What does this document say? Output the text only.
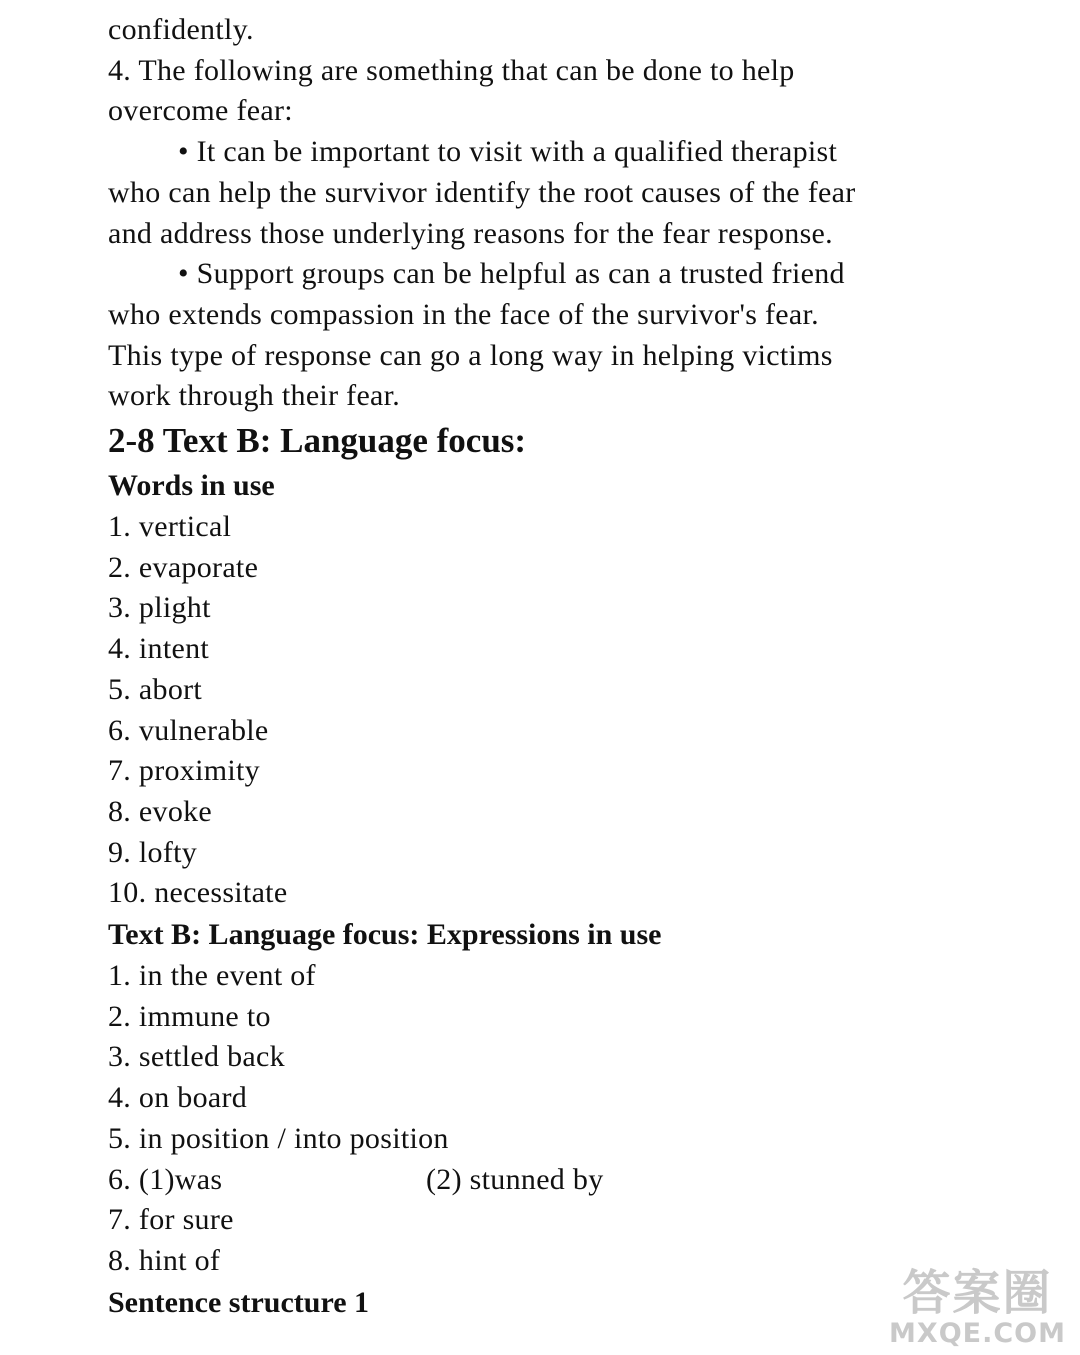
confidently.
4. The following are something that can be done to help
overcome fear:
• It can be important to visit with a qualified therapist
who can help the survivor identify the root causes of the fear
and address those underlying reasons for the fear response.
• Support groups can be helpful as can a trusted friend
who extends compassion in the face of the survivor's fear.
This type of response can go a long way in helping victims
work through their fear.
2-8 Text B: Language focus:
Words in use
1. vertical
2. evaporate
3. plight
4. intent
5. abort
6. vulnerable
7. proximity
8. evoke
9. lofty
10. necessitate
Text B: Language focus: Expressions in use
1. in the event of
2. immune to
3. settled back
4. on board
5. in position / into position
6. (1)was	(2) stunned by
7. for sure
8. hint of
Sentence structure 1	答案圈
MXQE.COM
